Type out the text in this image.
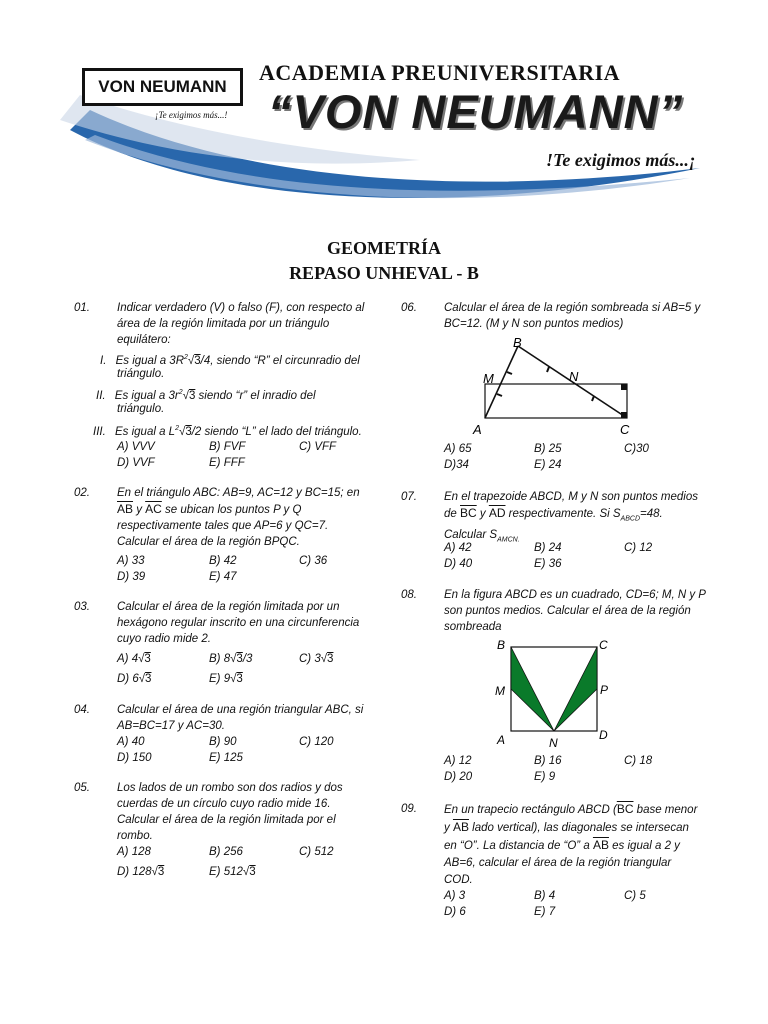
VON NEUMANN
¡Te exigimos más...!
ACADEMIA PREUNIVERSITARIA
“VON NEUMANN”
!Te exigimos más...¡
GEOMETRÍA
REPASO UNHEVAL - B
01. Indicar verdadero (V) o falso (F), con respecto al
área de la región limitada por un triángulo
equilátero:
I. Es igual a $3R^2√3/4$, siendo “R” el circunradio del
triángulo.
II. Es igual a $3r^2√3$ siendo “r” el inradio del
triángulo.
III. Es igual a $L^2√3/2$ siendo “L” el lado del triángulo.
A) VVV	B) FVF	C) VFF
D) VVF	E) FFF
02. En el triángulo ABC: AB=9, AC=12 y BC=15; en
$\overline{AB}$ y $\overline{AC}$ se ubican los puntos P y Q
respectivamente tales que AP=6 y QC=7.
Calcular el área de la región BPQC.
A) 33	B) 42	C) 36
D) 39	E) 47
03. Calcular el área de la región limitada por un
hexágono regular inscrito en una circunferencia
cuyo radio mide 2.
A) 4√3	B) 8√3/3	C) 3√3
D) 6√3	E) 9√3
04. Calcular el área de una región triangular ABC, si
AB=BC=17 y AC=30.
A) 40	B) 90	C) 120
D) 150	E) 125
05. Los lados de un rombo son dos radios y dos
cuerdas de un círculo cuyo radio mide 16.
Calcular el área de la región limitada por el
rombo.
A) 128	B) 256	C) 512
D) 128√3	E) 512√3
06. Calcular el área de la región sombreada si AB=5 y
BC=12. (M y N son puntos medios)
B
M	N
A	C
A) 65	B) 25	C)30
D)34	E) 24
07. En el trapezoide ABCD, M y N son puntos medios
de $\overline{BC}$ y $\overline{AD}$ respectivamente. Si $S_{ABCD}=48$.
Calcular $S_{AMCN.}$
A) 42	B) 24	C) 12
D) 40	E) 36
08. En la figura ABCD es un cuadrado, CD=6; M, N y P
son puntos medios. Calcular el área de la región
sombreada
B	C
M	P
A	N
D
A) 12	B) 16	C) 18
D) 20	E) 9
09. En un trapecio rectángulo ABCD ($\overline{BC}$ base menor
y $\overline{AB}$ lado vertical), las diagonales se intersecan
en “O”. La distancia de “O” a $\overline{AB}$ es igual a 2 y
AB=6, calcular el área de la región triangular
COD.
A) 3	B) 4	C) 5
D) 6	E) 7
